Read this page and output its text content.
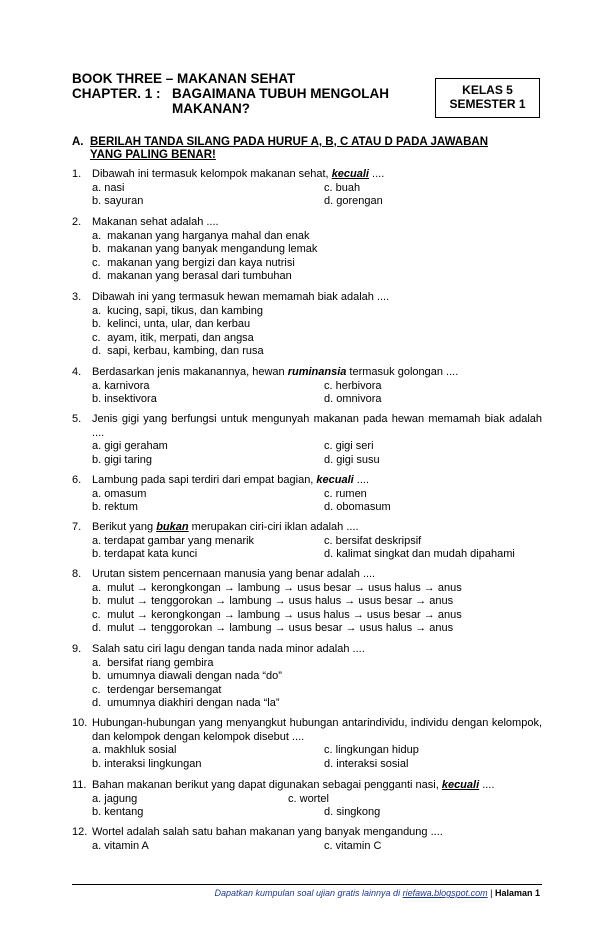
BOOK THREE – MAKANAN SEHAT
CHAPTER. 1 : BAGAIMANA TUBUH MENGOLAH
MAKANAN?
KELAS 5
SEMESTER 1
A. BERILAH TANDA SILANG PADA HURUF A, B, C ATAU D PADA JAWABAN
YANG PALING BENAR!
1. Dibawah ini termasuk kelompok makanan sehat, kecuali ....
a. nasi	c. buah
b. sayuran	d. gorengan
2. Makanan sehat adalah ....
a. makanan yang harganya mahal dan enak
b. makanan yang banyak mengandung lemak
c. makanan yang bergizi dan kaya nutrisi
d. makanan yang berasal dari tumbuhan
3. Dibawah ini yang termasuk hewan memamah biak adalah ....
a. kucing, sapi, tikus, dan kambing
b. kelinci, unta, ular, dan kerbau
c. ayam, itik, merpati, dan angsa
d. sapi, kerbau, kambing, dan rusa
4. Berdasarkan jenis makanannya, hewan ruminansia termasuk golongan ....
a. karnivora	c. herbivora
b. insektivora	d. omnivora
5. Jenis gigi yang berfungsi untuk mengunyah makanan pada hewan memamah biak adalah ....
a. gigi geraham	c. gigi seri
b. gigi taring	d. gigi susu
6. Lambung pada sapi terdiri dari empat bagian, kecuali ....
a. omasum	c. rumen
b. rektum	d. obomasum
7. Berikut yang bukan merupakan ciri-ciri iklan adalah ....
a. terdapat gambar yang menarik	c. bersifat deskripsif
b. terdapat kata kunci	d. kalimat singkat dan mudah dipahami
8. Urutan sistem pencernaan manusia yang benar adalah ....
a. mulut → kerongkongan → lambung → usus besar → usus halus → anus
b. mulut → tenggorokan → lambung → usus halus → usus besar → anus
c. mulut → kerongkongan → lambung → usus halus → usus besar → anus
d. mulut → tenggorokan → lambung → usus besar → usus halus → anus
9. Salah satu ciri lagu dengan tanda nada minor adalah ....
a. bersifat riang gembira
b. umumnya diawali dengan nada “do”
c. terdengar bersemangat
d. umumnya diakhiri dengan nada “la”
10. Hubungan-hubungan yang menyangkut hubungan antarindividu, individu dengan kelompok, dan kelompok dengan kelompok disebut ....
a. makhluk sosial	c. lingkungan hidup
b. interaksi lingkungan	d. interaksi sosial
11. Bahan makanan berikut yang dapat digunakan sebagai pengganti nasi, kecuali ....
a. jagung	c. wortel
b. kentang	d. singkong
12. Wortel adalah salah satu bahan makanan yang banyak mengandung ....
a. vitamin A	c. vitamin C
Dapatkan kumpulan soal ujian gratis lainnya di riefawa.blogspot.com | Halaman 1
